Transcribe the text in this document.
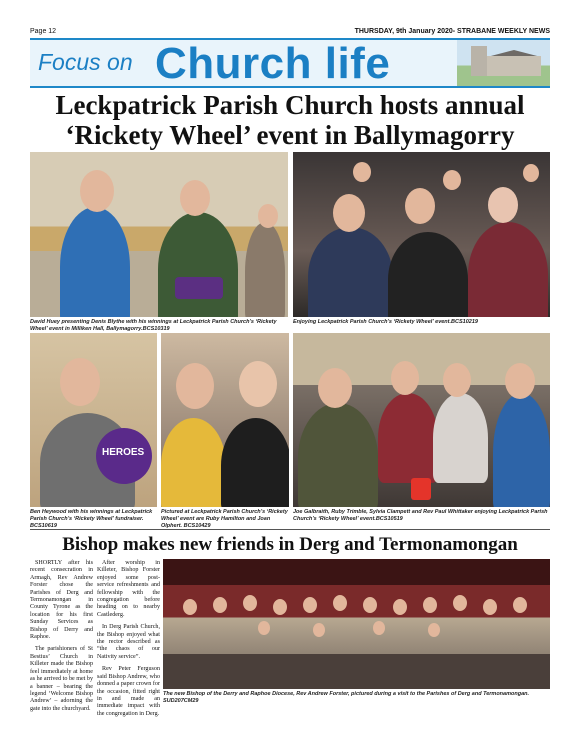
Page 12	THURSDAY, 9th January 2020- STRABANE WEEKLY NEWS
Focus on Church life
Leckpatrick Parish Church hosts annual
‘Rickety Wheel’ event in Ballymagorry
David Huey presenting Denis Blythe with his winnings at Leckpatrick Parish Church’s ‘Rickety Wheel’ event in Milliken Hall, Ballymagorry.BCS10319
Enjoying Leckpatrick Parish Church’s ‘Rickety Wheel’ event.BCS10219
HEROES
Ben Heywood with his winnings at Leckpatrick Parish Church’s ‘Rickety Wheel’ fundraiser. BCS10619
Pictured at Leckpatrick Parish Church’s ‘Rickety Wheel’ event are Ruby Hamilton and Joan Olphert. BCS10429
Joe Galbraith, Ruby Trimble, Sylvia Clampett and Rev Paul Whittaker enjoying Leckpatrick Parish Church’s ‘Rickety Wheel’ event.BCS10519
Bishop makes new friends in Derg and Termonamongan

SHORTLY after his recent consecration in Armagh, Rev Andrew Forster chose the Parishes of Derg and Termonamongan in County Tyrone as the location for his first Sunday Services as Bishop of Derry and Raphoe.

The parishioners of St Bestius’ Church in Killeter made the Bishop feel immediately at home as he arrived to be met by a banner – bearing the legend ‘Welcome Bishop Andrew’ – adorning the gate into the churchyard.

After worship in Killeter, Bishop Forster enjoyed some post-service refreshments and fellowship with the congregation before heading on to nearby Castlederg.

In Derg Parish Church, the Bishop enjoyed what the rector described as “the chaos of our Nativity service”.

Rev Peter Ferguson said Bishop Andrew, who donned a paper crown for the occasion, fitted right in and made an immediate impact with the congregation in Derg.

The new Bishop of the Derry and Raphoe Diocese, Rev Andrew Forster, pictured during a visit to the Parishes of Derg and Termonamongan. SUD207CM29
